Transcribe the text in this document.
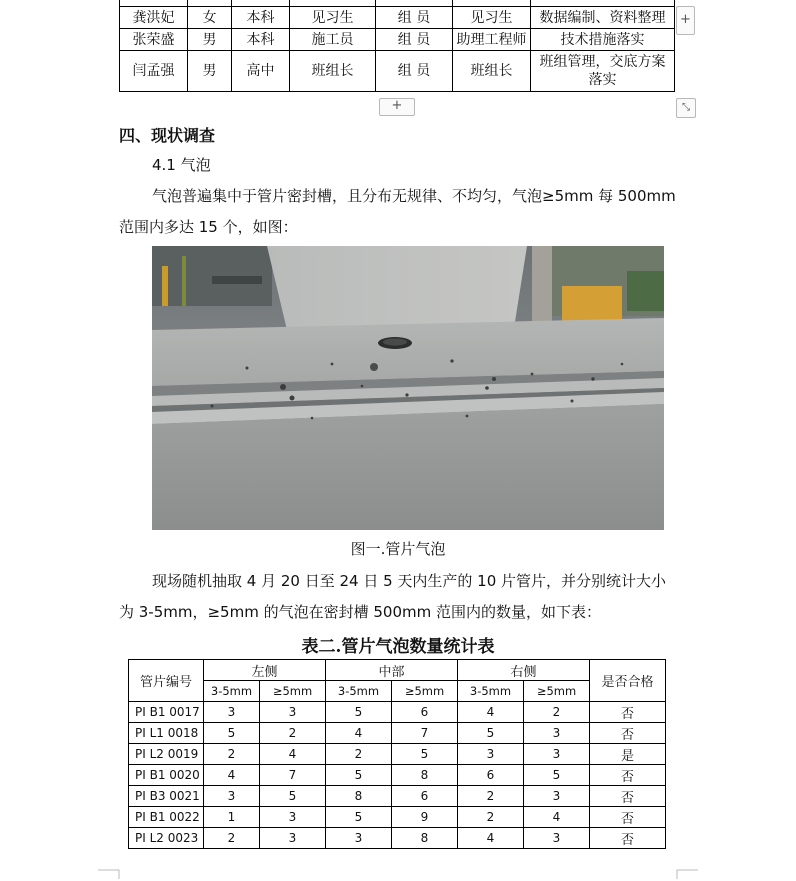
龚洪妃	女	本科	见习生	组 员	见习生	数据编制、资料整理
张荣盛	男	本科	施工员	组 员	助理工程师	技术措施落实
闫孟强	男	高中	班组长	组 员	班组长	班组管理，交底方案落实
+
+	⤡
四、现状调查
4.1 气泡
气泡普遍集中于管片密封槽，且分布无规律、不均匀，气泡≥5mm 每 500mm 范围内多达 15 个，如图：
图一.管片气泡
现场随机抽取 4 月 20 日至 24 日 5 天内生产的 10 片管片，并分别统计大小为 3-5mm，≥5mm 的气泡在密封槽 500mm 范围内的数量，如下表：
表二.管片气泡数量统计表
管片编号	左侧		中部		右侧		是否合格
	3-5mm	≥5mm	3-5mm	≥5mm	3-5mm	≥5mm	
PI B1 0017	3	3	5	6	4	2	否
PI L1 0018	5	2	4	7	5	3	否
PI L2 0019	2	4	2	5	3	3	是
PI B1 0020	4	7	5	8	6	5	否
PI B3 0021	3	5	8	6	2	3	否
PI B1 0022	1	3	5	9	2	4	否
PI L2 0023	2	3	3	8	4	3	否
